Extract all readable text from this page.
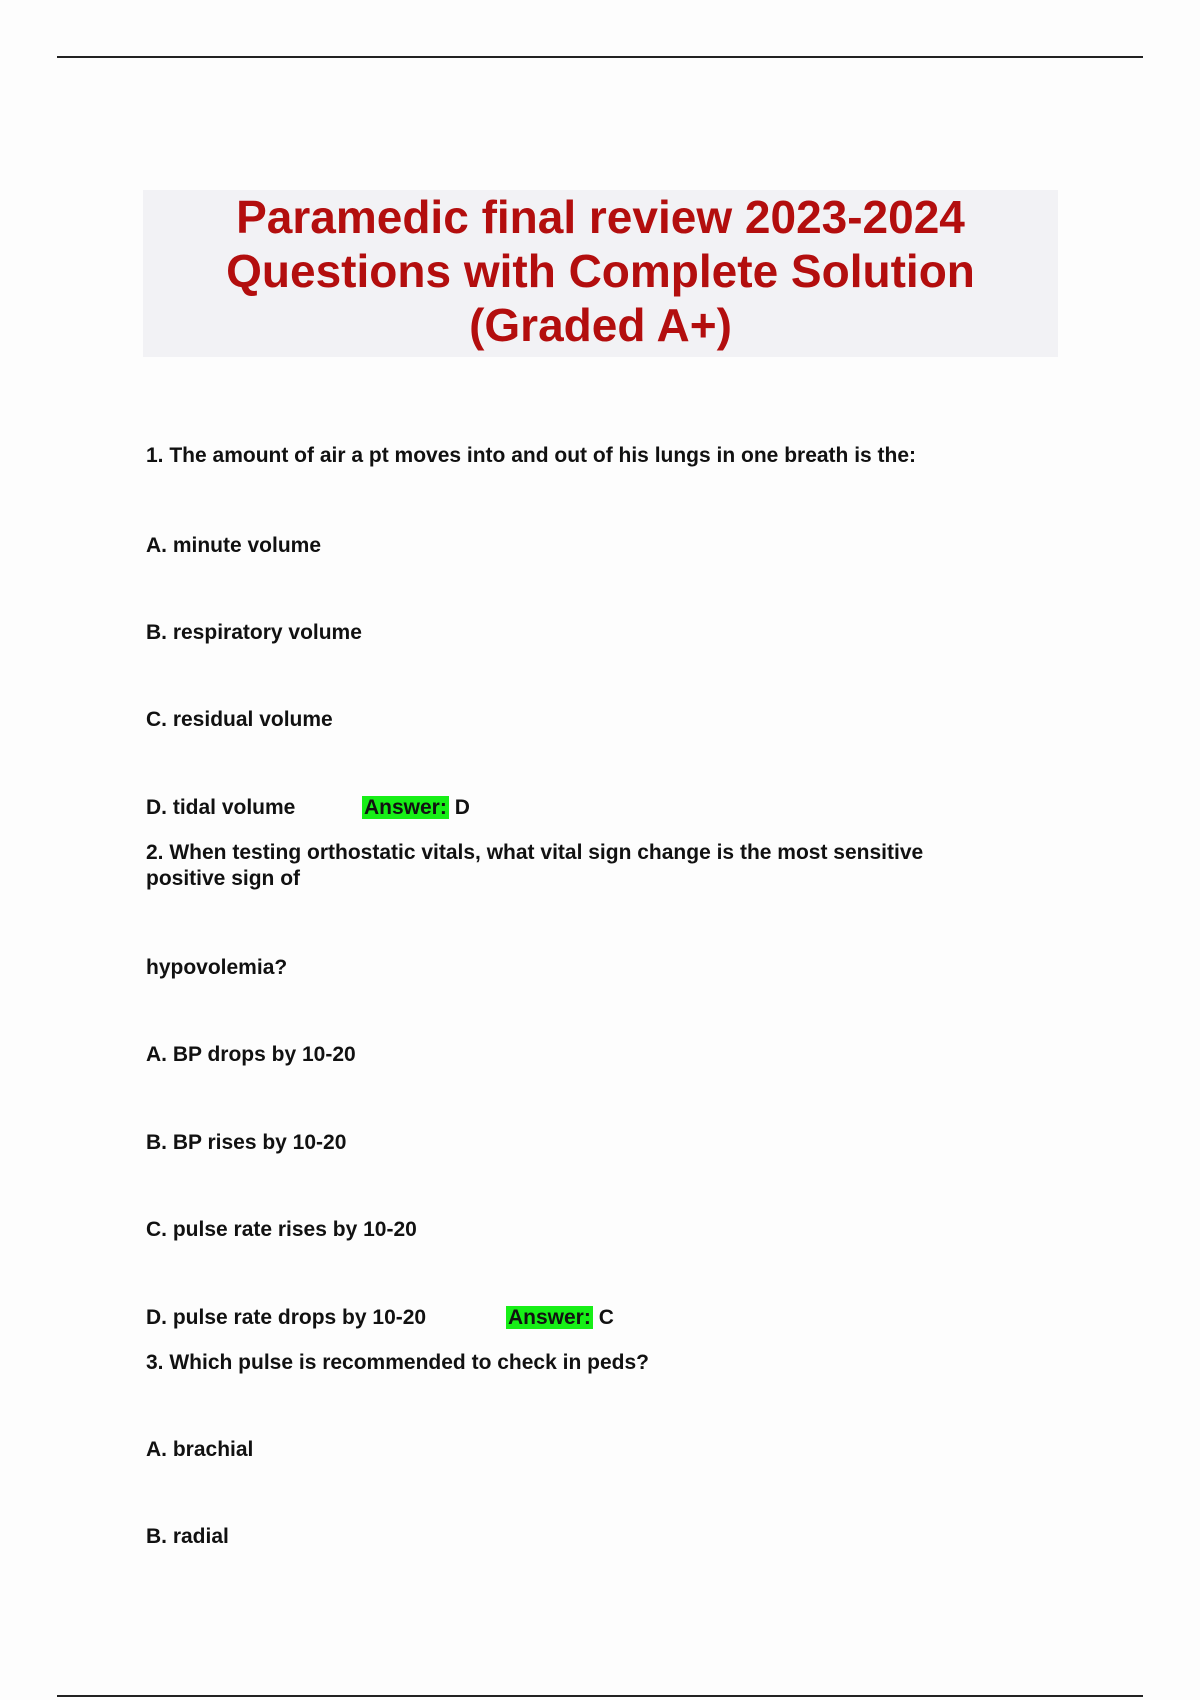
Paramedic final review 2023-2024
Questions with Complete Solution
(Graded A+)
1. The amount of air a pt moves into and out of his lungs in one breath is the:
A. minute volume
B. respiratory volume
C. residual volume
D. tidal volume	Answer: D
2. When testing orthostatic vitals, what vital sign change is the most sensitive
positive sign of
hypovolemia?
A. BP drops by 10-20
B. BP rises by 10-20
C. pulse rate rises by 10-20
D. pulse rate drops by 10-20	Answer: C
3. Which pulse is recommended to check in peds?
A. brachial
B. radial
